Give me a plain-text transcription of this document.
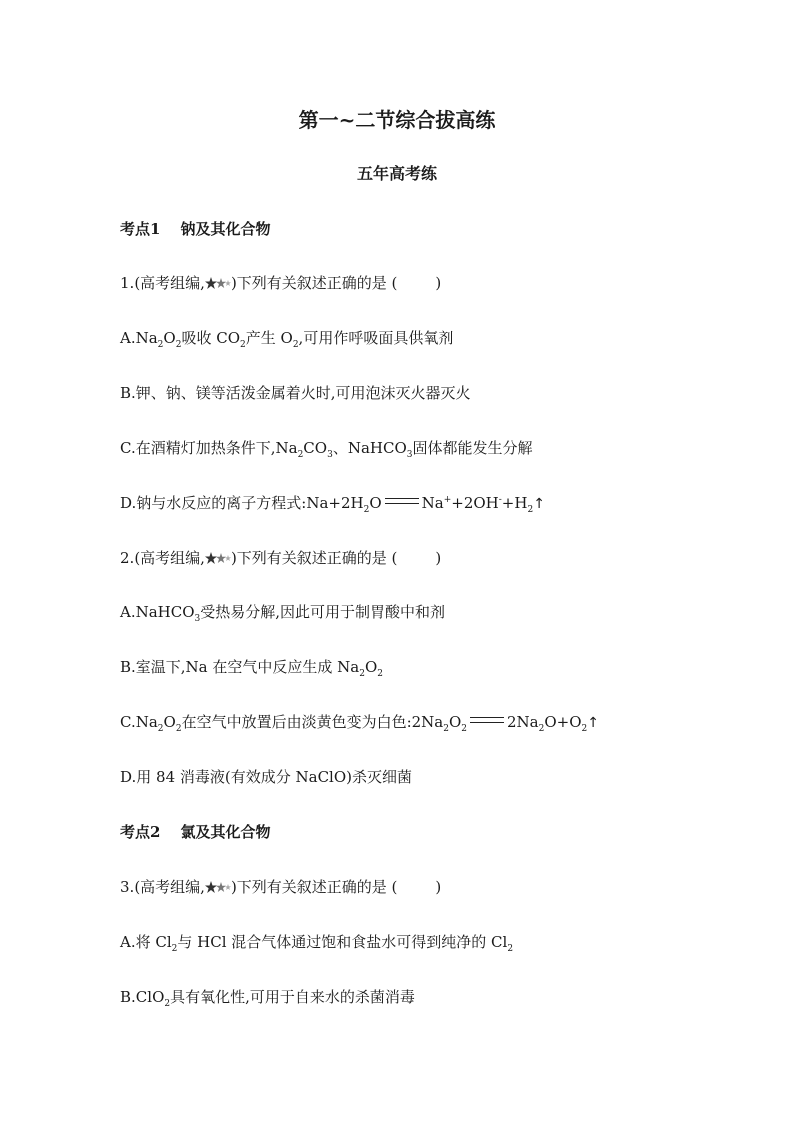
第一~二节综合拔高练
五年高考练
考点1 钠及其化合物
1.(高考组编, )下列有关叙述正确的是 (	)
$A.Na_2O_2$吸收 $CO_2$产生 $O_2$,可用作呼吸面具供氧剂
B.钾、钠、镁等活泼金属着火时,可用泡沫灭火器灭火
C.在酒精灯加热条件下$,Na_2CO_3$、NaHCO$_3$固体都能发生分解
D.钠与水反应的离子方程式$:Na+2H_2O$	$Na^++2OH^-+H_2↑$
2.(高考组编, )下列有关叙述正确的是 (	)
A.NaHCO$_3$受热易分解,因此可用于制胃酸中和剂
B.室温下,Na 在空气中反应生成 $Na_2O_2$
$C.Na_2O_2$在空气中放置后由淡黄色变为白色$:2Na_2O_2$	$2Na_2O+O_2↑$
D.用 84 消毒液(有效成分 NaClO)杀灭细菌
考点2 氯及其化合物
3.(高考组编, )下列有关叙述正确的是 (	)
A.将 $Cl_2$与 HCl 混合气体通过饱和食盐水可得到纯净的 $Cl_2$
B.ClO$_2$具有氧化性,可用于自来水的杀菌消毒
